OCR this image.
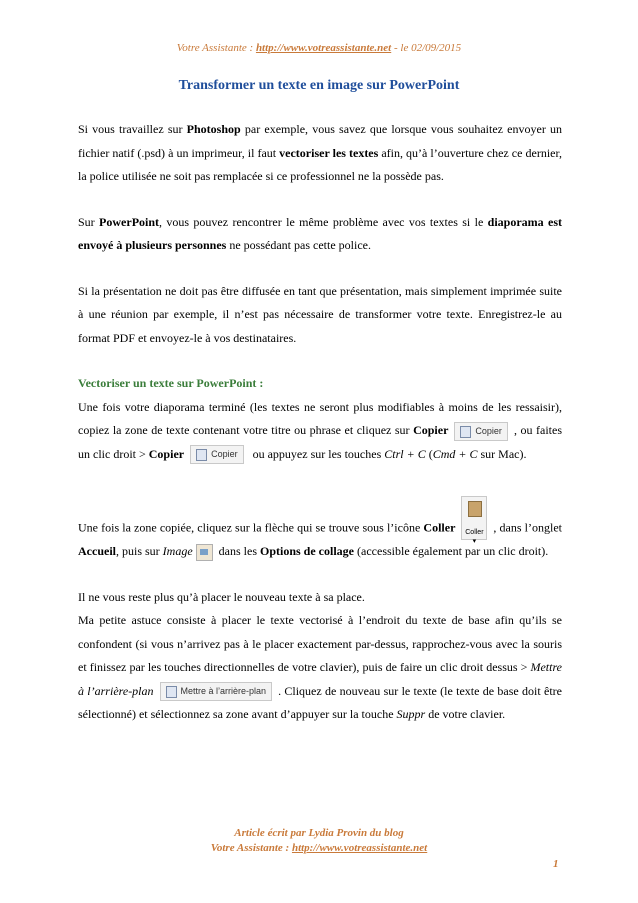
Votre Assistante : http://www.votreassistante.net - le 02/09/2015
Transformer un texte en image sur PowerPoint

Si vous travaillez sur Photoshop par exemple, vous savez que lorsque vous souhaitez envoyer un fichier natif (.psd) à un imprimeur, il faut vectoriser les textes afin, qu’à l’ouverture chez ce dernier, la police utilisée ne soit pas remplacée si ce professionnel ne la possède pas.

Sur PowerPoint, vous pouvez rencontrer le même problème avec vos textes si le diaporama est envoyé à plusieurs personnes ne possédant pas cette police.

Si la présentation ne doit pas être diffusée en tant que présentation, mais simplement imprimée suite à une réunion par exemple, il n’est pas nécessaire de transformer votre texte. Enregistrez-le au format PDF et envoyez-le à vos destinataires.

Vectoriser un texte sur PowerPoint :

Une fois votre diaporama terminé (les textes ne seront plus modifiables à moins de les ressaisir), copiez la zone de texte contenant votre titre ou phrase et cliquez sur Copier	Copier , ou faites un clic droit > Copier	Copier ou appuyez sur les touches Ctrl + C (Cmd + C sur Mac).

Une fois la zone copiée, cliquez sur la flèche qui se trouve sous l’icône Coller	Coller
▾
, dans l’onglet Accueil, puis sur Image dans les Options de collage (accessible également par un clic droit).

Il ne vous reste plus qu’à placer le nouveau texte à sa place.

Ma petite astuce consiste à placer le texte vectorisé à l’endroit du texte de base afin qu’ils se confondent (si vous n’arrivez pas à le placer exactement par-dessus, rapprochez-vous avec la souris et finissez par les touches directionnelles de votre clavier), puis de faire un clic droit dessus > Mettre à l’arrière-plan	Mettre à l’arrière-plan . Cliquez de nouveau sur le texte (le texte de base doit être sélectionné) et sélectionnez sa zone avant d’appuyer sur la touche Suppr de votre clavier.

Article écrit par Lydia Provin du blog
Votre Assistante : http://www.votreassistante.net
1
